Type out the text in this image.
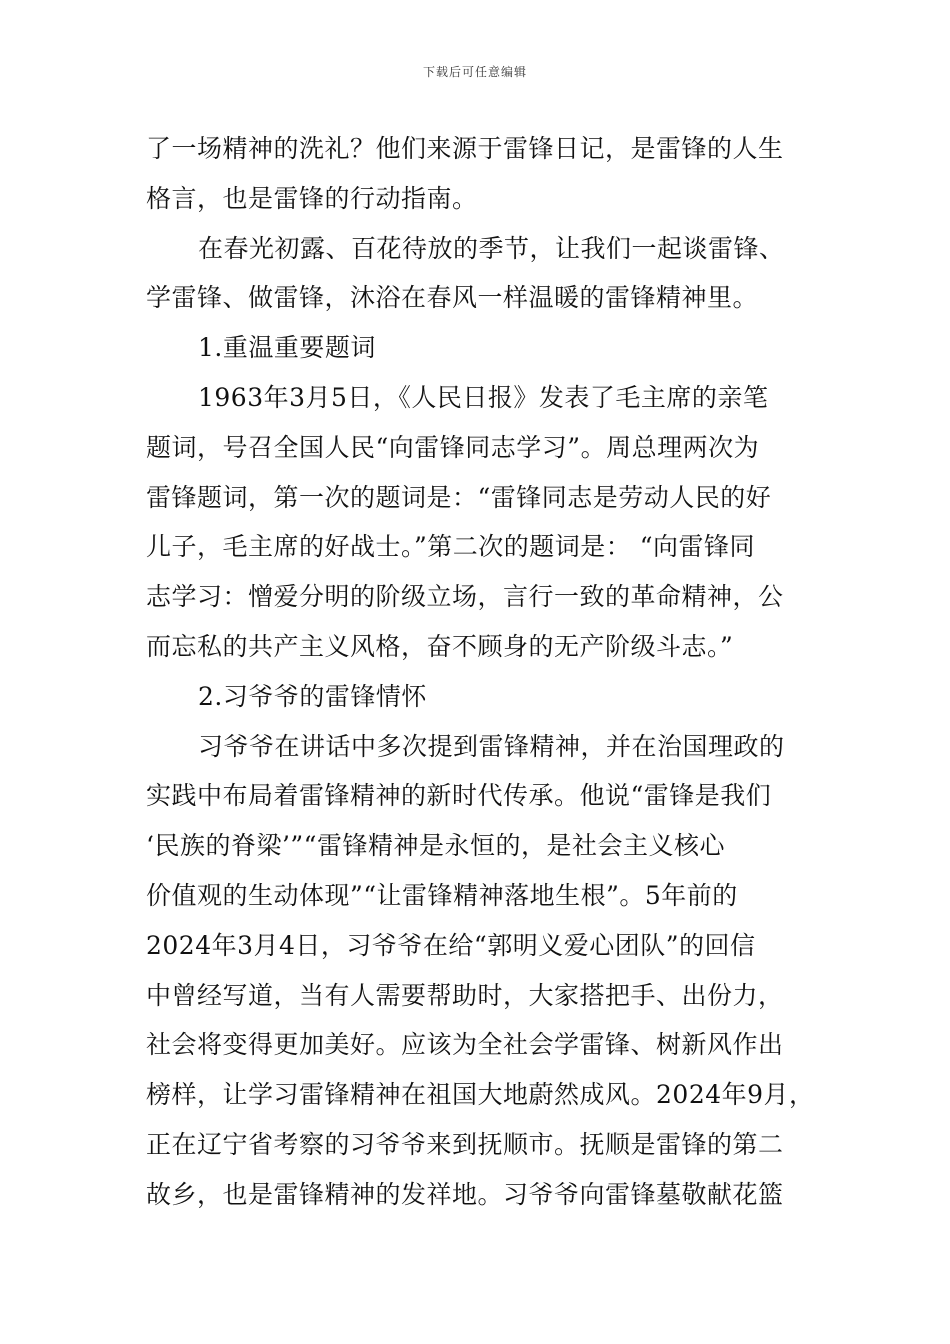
下载后可任意编辑
了一场精神的洗礼？他们来源于雷锋日记，是雷锋的人生
格言，也是雷锋的行动指南。
在春光初露、百花待放的季节，让我们一起谈雷锋、
学雷锋、做雷锋，沐浴在春风一样温暖的雷锋精神里。
1.重温重要题词
1963年3月5日，《人民日报》发表了毛主席的亲笔
题词，号召全国人民“向雷锋同志学习”。周总理两次为
雷锋题词，第一次的题词是：“雷锋同志是劳动人民的好
儿子，毛主席的好战士。”第二次的题词是： “向雷锋同
志学习：憎爱分明的阶级立场，言行一致的革命精神，公
而忘私的共产主义风格，奋不顾身的无产阶级斗志。”
2.习爷爷的雷锋情怀
习爷爷在讲话中多次提到雷锋精神，并在治国理政的
实践中布局着雷锋精神的新时代传承。他说“雷锋是我们
‘民族的脊梁’”“雷锋精神是永恒的，是社会主义核心
价值观的生动体现”“让雷锋精神落地生根”。5年前的
2024年3月4日，习爷爷在给“郭明义爱心团队”的回信
中曾经写道，当有人需要帮助时，大家搭把手、出份力，
社会将变得更加美好。应该为全社会学雷锋、树新风作出
榜样，让学习雷锋精神在祖国大地蔚然成风。2024年9月，
正在辽宁省考察的习爷爷来到抚顺市。抚顺是雷锋的第二
故乡，也是雷锋精神的发祥地。习爷爷向雷锋墓敬献花篮
